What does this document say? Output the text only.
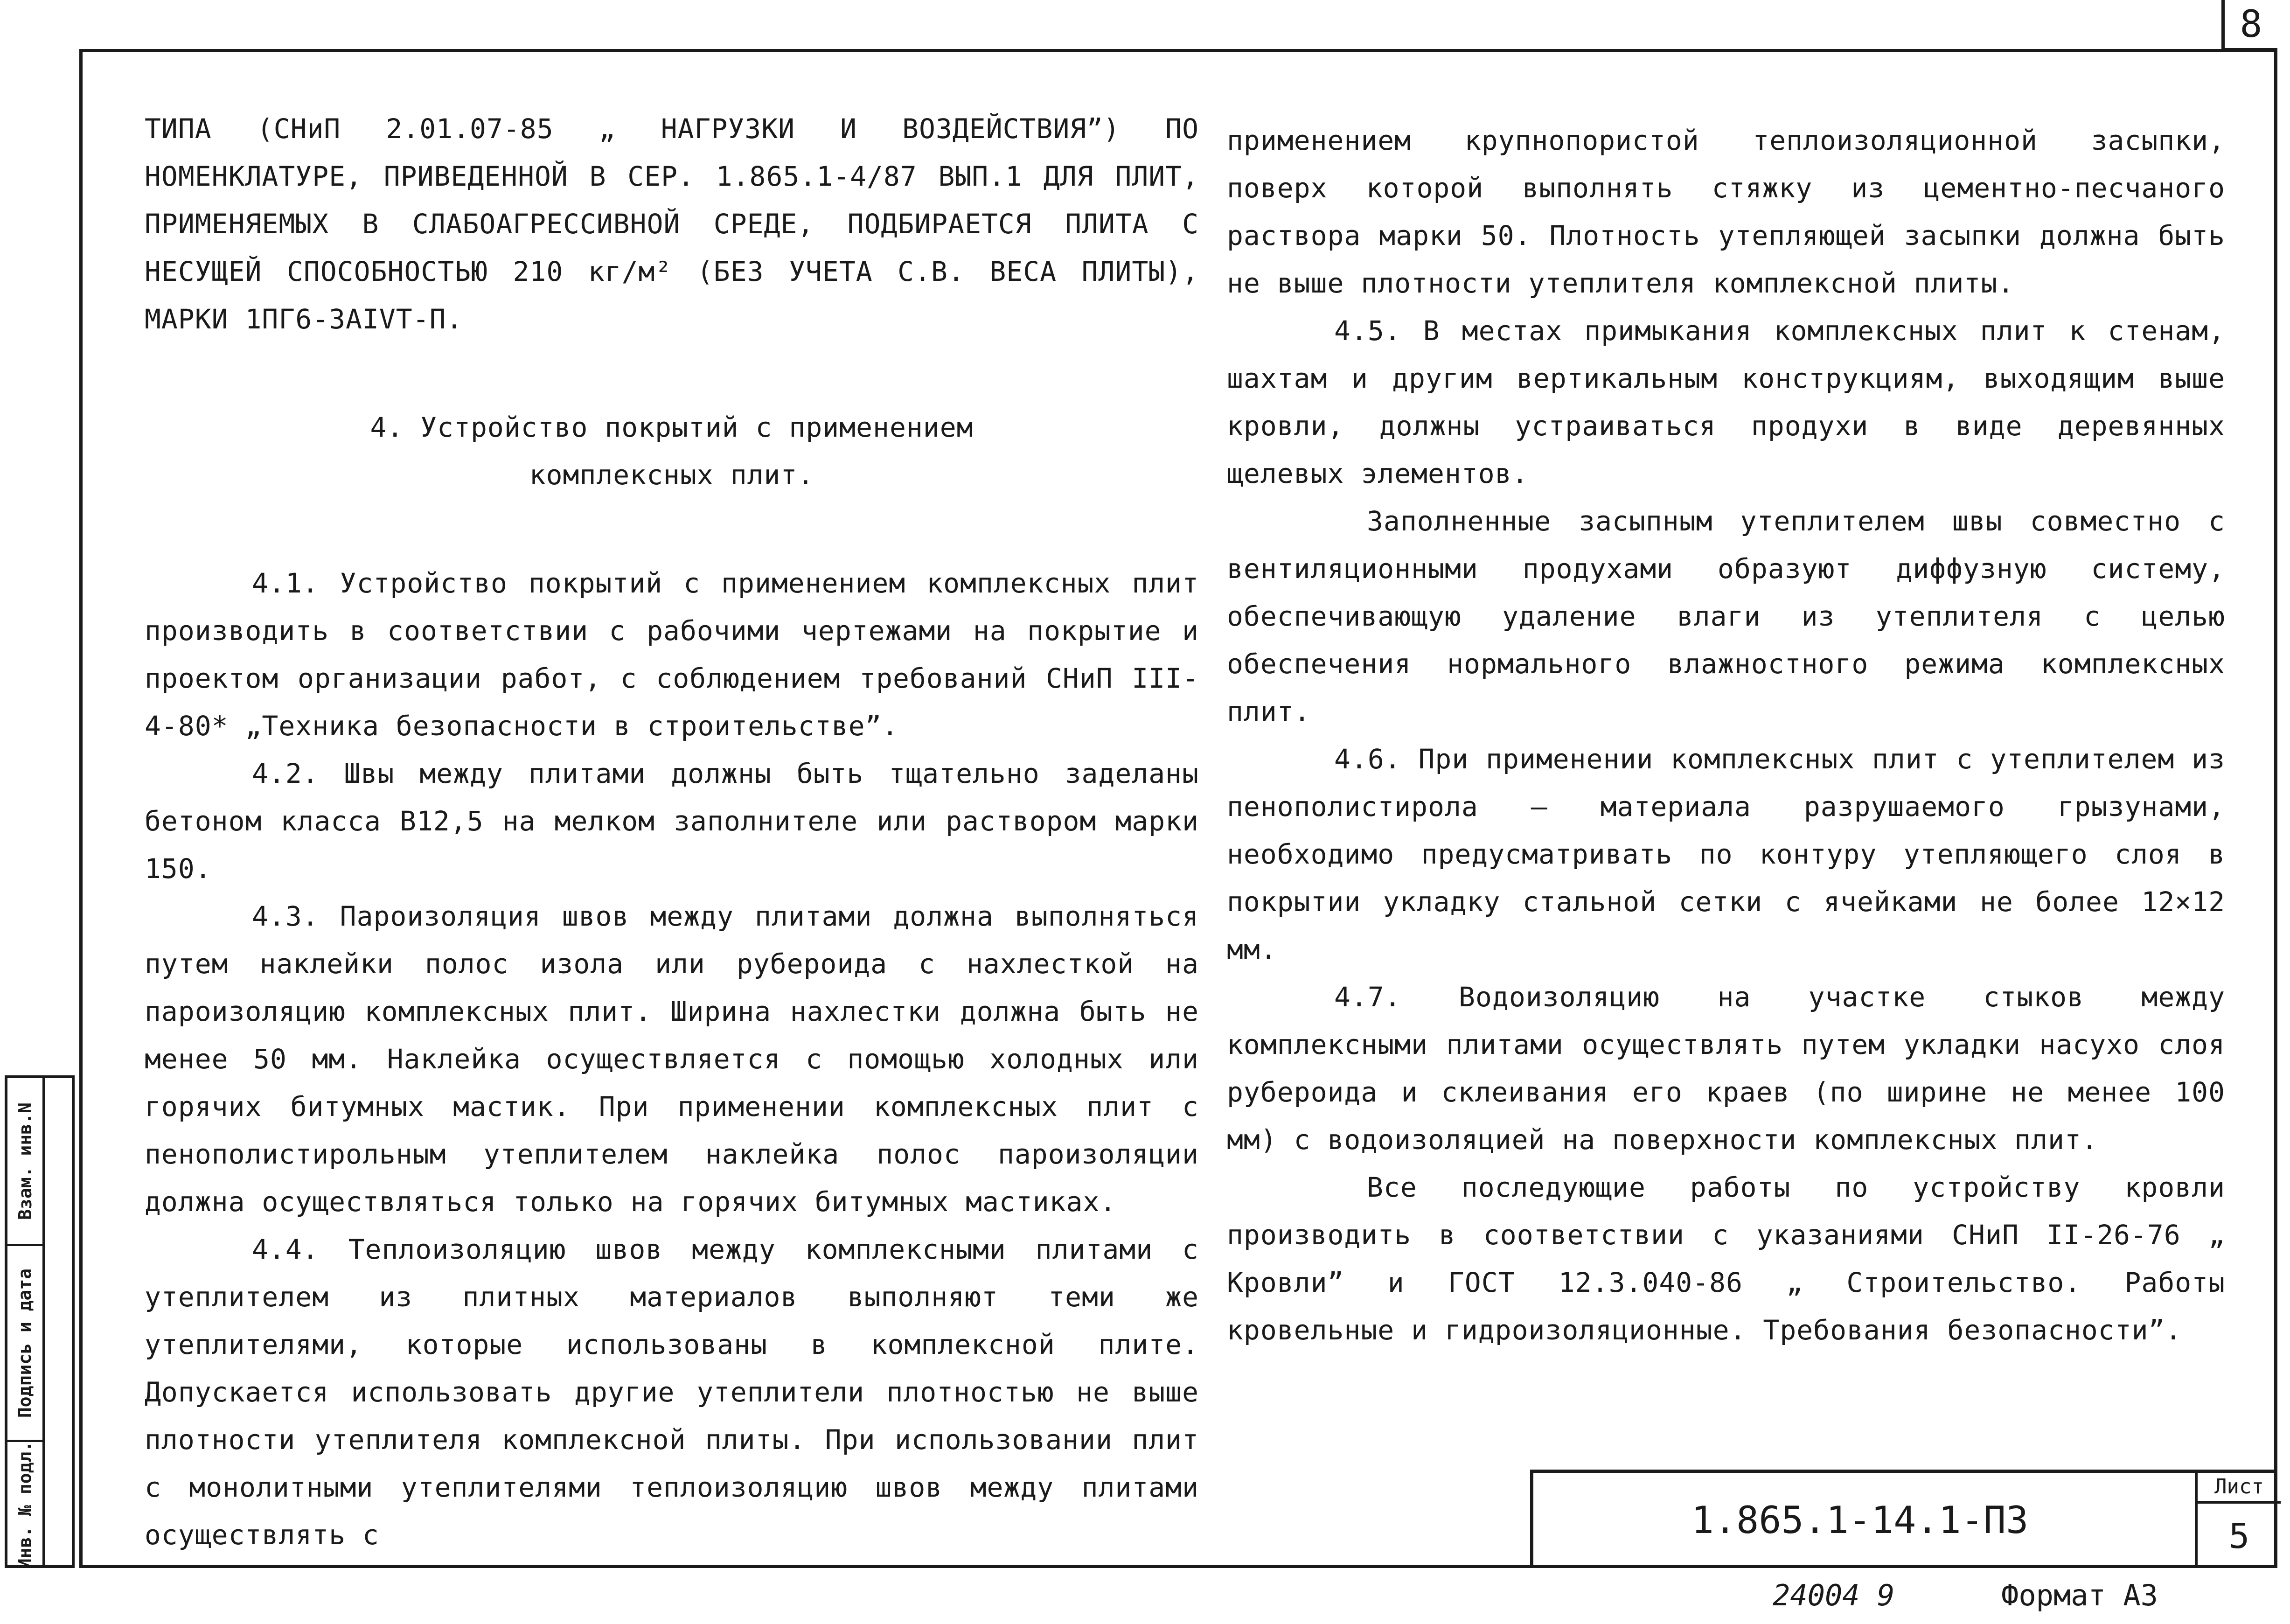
8

ТИПА (СНиП 2.01.07-85 „ НАГРУЗКИ И ВОЗДЕЙСТВИЯ”) ПО НОМЕНКЛАТУРЕ, ПРИВЕДЕННОЙ В СЕР. 1.865.1-4/87 ВЫП.1 ДЛЯ ПЛИТ, ПРИМЕНЯЕМЫХ В СЛАБОАГРЕССИВНОЙ СРЕДЕ, ПОДБИРАЕТСЯ ПЛИТА С НЕСУЩЕЙ СПОСОБНОСТЬЮ 210 кг/м² (БЕЗ УЧЕТА С.В. ВЕСА ПЛИТЫ), МАРКИ 1ПГ6-3АIVТ-П.

4. Устройство покрытий с применением
комплексных плит.

4.1. Устройство покрытий с применением комплексных плит производить в соответствии с рабочими чертежами на покрытие и проектом организации работ, с соблюдением требований СНиП III-4-80* „Техника безопасности в строительстве”.

4.2. Швы между плитами должны быть тщательно заделаны бетоном класса В12,5 на мелком заполнителе или раствором марки 150.

4.3. Пароизоляция швов между плитами должна выполняться путем наклейки полос изола или рубероида с нахлесткой на пароизоляцию комплексных плит. Ширина нахлестки должна быть не менее 50 мм. Наклейка осуществляется с помощью холодных или горячих битумных мастик. При применении комплексных плит с пенополистирольным утеплителем наклейка полос пароизоляции должна осуществляться только на горячих битумных мастиках.

4.4. Теплоизоляцию швов между комплексными плитами с утеплителем из плитных материалов выполняют теми же утеплителями, которые использованы в комплексной плите. Допускается использовать другие утеплители плотностью не выше плотности утеплителя комплексной плиты. При использовании плит с монолитными утеплителями теплоизоляцию швов между плитами осуществлять с

применением крупнопористой теплоизоляционной засыпки, поверх которой выполнять стяжку из цементно-песчаного раствора марки 50. Плотность утепляющей засыпки должна быть не выше плотности утеплителя комплексной плиты.

4.5. В местах примыкания комплексных плит к стенам, шахтам и другим вертикальным конструкциям, выходящим выше кровли, должны устраиваться продухи в виде деревянных щелевых элементов.

Заполненные засыпным утеплителем швы совместно с вентиляционными продухами образуют диффузную систему, обеспечивающую удаление влаги из утеплителя с целью обеспечения нормального влажностного режима комплексных плит.

4.6. При применении комплексных плит с утеплителем из пенополистирола — материала разрушаемого грызунами, необходимо предусматривать по контуру утепляющего слоя в покрытии укладку стальной сетки с ячейками не более 12×12 мм.

4.7. Водоизоляцию на участке стыков между комплексными плитами осуществлять путем укладки насухо слоя рубероида и склеивания его краев (по ширине не менее 100 мм) с водоизоляцией на поверхности комплексных плит.

Все последующие работы по устройству кровли производить в соответствии с указаниями СНиП II-26-76 „ Кровли” и ГОСТ 12.3.040-86 „ Строительство. Работы кровельные и гидроизоляционные. Требования безопасности”.

Взам. инв.N
Подпись и дата
Инв. № подл.	1.865.1-14.1-П3
Лист
5
24004 9	Формат А3
